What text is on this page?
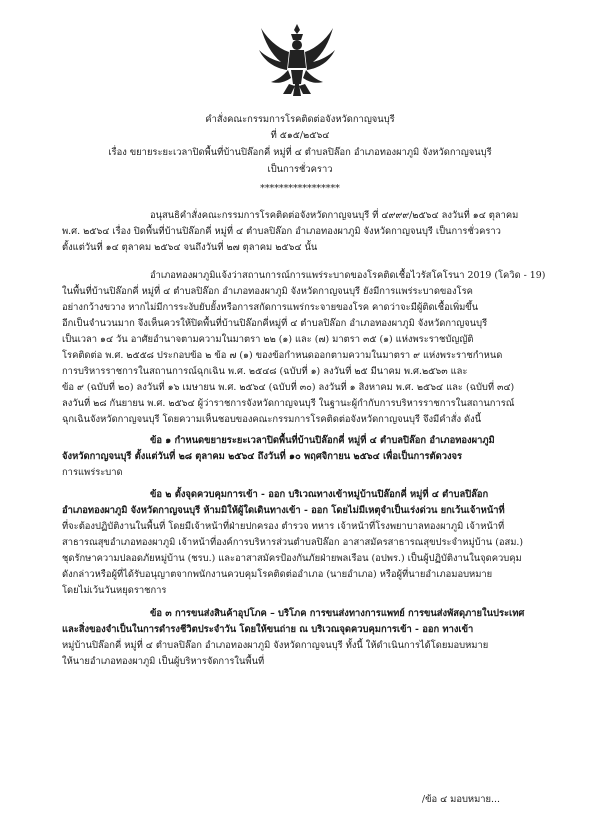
คำสั่งคณะกรรมการโรคติดต่อจังหวัดกาญจนบุรี
ที่ ๕๑๕/๒๕๖๔
เรื่อง ขยายระยะเวลาปิดพื้นที่บ้านปิล๊อกคี่ หมู่ที่ ๔ ตำบลปิล๊อก อำเภอทองผาภูมิ จังหวัดกาญจนบุรี
เป็นการชั่วคราว
*****************
อนุสนธิคำสั่งคณะกรรมการโรคติดต่อจังหวัดกาญจนบุรี ที่ ๔๙๙๙/๒๕๖๔ ลงวันที่ ๑๔ ตุลาคม
พ.ศ. ๒๕๖๔ เรื่อง ปิดพื้นที่บ้านปิล๊อกคี่ หมู่ที่ ๔ ตำบลปิล๊อก อำเภอทองผาภูมิ จังหวัดกาญจนบุรี เป็นการชั่วคราว
ตั้งแต่วันที่ ๑๔ ตุลาคม ๒๕๖๔ จนถึงวันที่ ๒๗ ตุลาคม ๒๕๖๔ นั้น
อำเภอทองผาภูมิแจ้งว่าสถานการณ์การแพร่ระบาดของโรคติดเชื้อไวรัสโคโรนา 2019 (โควิด - 19)
ในพื้นที่บ้านปิล๊อกคี่ หมู่ที่ ๔ ตำบลปิล๊อก อำเภอทองผาภูมิ จังหวัดกาญจนบุรี ยังมีการแพร่ระบาดของโรค
อย่างกว้างขวาง หากไม่มีการระงับยับยั้งหรือการสกัดการแพร่กระจายของโรค คาดว่าจะมีผู้ติดเชื้อเพิ่มขึ้น
อีกเป็นจำนวนมาก จึงเห็นควรให้ปิดพื้นที่บ้านปิล๊อกคี่หมู่ที่ ๔ ตำบลปิล๊อก อำเภอทองผาภูมิ จังหวัดกาญจนบุรี
เป็นเวลา ๑๔ วัน อาศัยอำนาจตามความในมาตรา ๒๒ (๑) และ (๗) มาตรา ๓๕ (๑) แห่งพระราชบัญญัติ
โรคติดต่อ พ.ศ. ๒๕๕๘ ประกอบข้อ ๒ ข้อ ๗ (๑) ของข้อกำหนดออกตามความในมาตรา ๙ แห่งพระราชกำหนด
การบริหารราชการในสถานการณ์ฉุกเฉิน พ.ศ. ๒๕๔๘ (ฉบับที่ ๑) ลงวันที่ ๒๕ มีนาคม พ.ศ.๒๕๖๓ และ
ข้อ ๙ (ฉบับที่ ๒๐) ลงวันที่ ๑๖ เมษายน พ.ศ. ๒๕๖๔ (ฉบับที่ ๓๐) ลงวันที่ ๑ สิงหาคม พ.ศ. ๒๕๖๔ และ (ฉบับที่ ๓๔)
ลงวันที่ ๒๘ กันยายน พ.ศ. ๒๕๖๔ ผู้ว่าราชการจังหวัดกาญจนบุรี ในฐานะผู้กำกับการบริหารราชการในสถานการณ์
ฉุกเฉินจังหวัดกาญจนบุรี โดยความเห็นชอบของคณะกรรมการโรคติดต่อจังหวัดกาญจนบุรี จึงมีคำสั่ง ดังนี้
ข้อ ๑ กำหนดขยายระยะเวลาปิดพื้นที่บ้านปิล๊อกคี่ หมู่ที่ ๔ ตำบลปิล๊อก อำเภอทองผาภูมิ
จังหวัดกาญจนบุรี ตั้งแต่วันที่ ๒๘ ตุลาคม ๒๕๖๔ ถึงวันที่ ๑๐ พฤศจิกายน ๒๕๖๔ เพื่อเป็นการตัดวงจร
การแพร่ระบาด
ข้อ ๒ ตั้งจุดควบคุมการเข้า - ออก บริเวณทางเข้าหมู่บ้านปิล๊อกคี่ หมู่ที่ ๔ ตำบลปิล๊อก
อำเภอทองผาภูมิ จังหวัดกาญจนบุรี ห้ามมิให้ผู้ใดเดินทางเข้า - ออก โดยไม่มีเหตุจำเป็นเร่งด่วน ยกเว้นเจ้าหน้าที่
ที่จะต้องปฏิบัติงานในพื้นที่ โดยมีเจ้าหน้าที่ฝ่ายปกครอง ตำรวจ ทหาร เจ้าหน้าที่โรงพยาบาลทองผาภูมิ เจ้าหน้าที่
สาธารณสุขอำเภอทองผาภูมิ เจ้าหน้าที่องค์การบริหารส่วนตำบลปิล๊อก อาสาสมัครสาธารณสุขประจำหมู่บ้าน (อสม.)
ชุดรักษาความปลอดภัยหมู่บ้าน (ชรบ.) และอาสาสมัครป้องกันภัยฝ่ายพลเรือน (อปพร.) เป็นผู้ปฏิบัติงานในจุดควบคุม
ดังกล่าวหรือผู้ที่ได้รับอนุญาตจากพนักงานควบคุมโรคติดต่ออำเภอ (นายอำเภอ) หรือผู้ที่นายอำเภอมอบหมาย
โดยไม่เว้นวันหยุดราชการ
ข้อ ๓ การขนส่งสินค้าอุปโภค – บริโภค การขนส่งทางการแพทย์ การขนส่งพัสดุภายในประเทศ
และสิ่งของจำเป็นในการดำรงชีวิตประจำวัน โดยให้ขนถ่าย ณ บริเวณจุดควบคุมการเข้า - ออก ทางเข้า
หมู่บ้านปิล๊อกคี่ หมู่ที่ ๔ ตำบลปิล๊อก อำเภอทองผาภูมิ จังหวัดกาญจนบุรี ทั้งนี้ ให้ดำเนินการได้โดยมอบหมาย
ให้นายอำเภอทองผาภูมิ เป็นผู้บริหารจัดการในพื้นที่
/ข้อ ๔ มอบหมาย...
